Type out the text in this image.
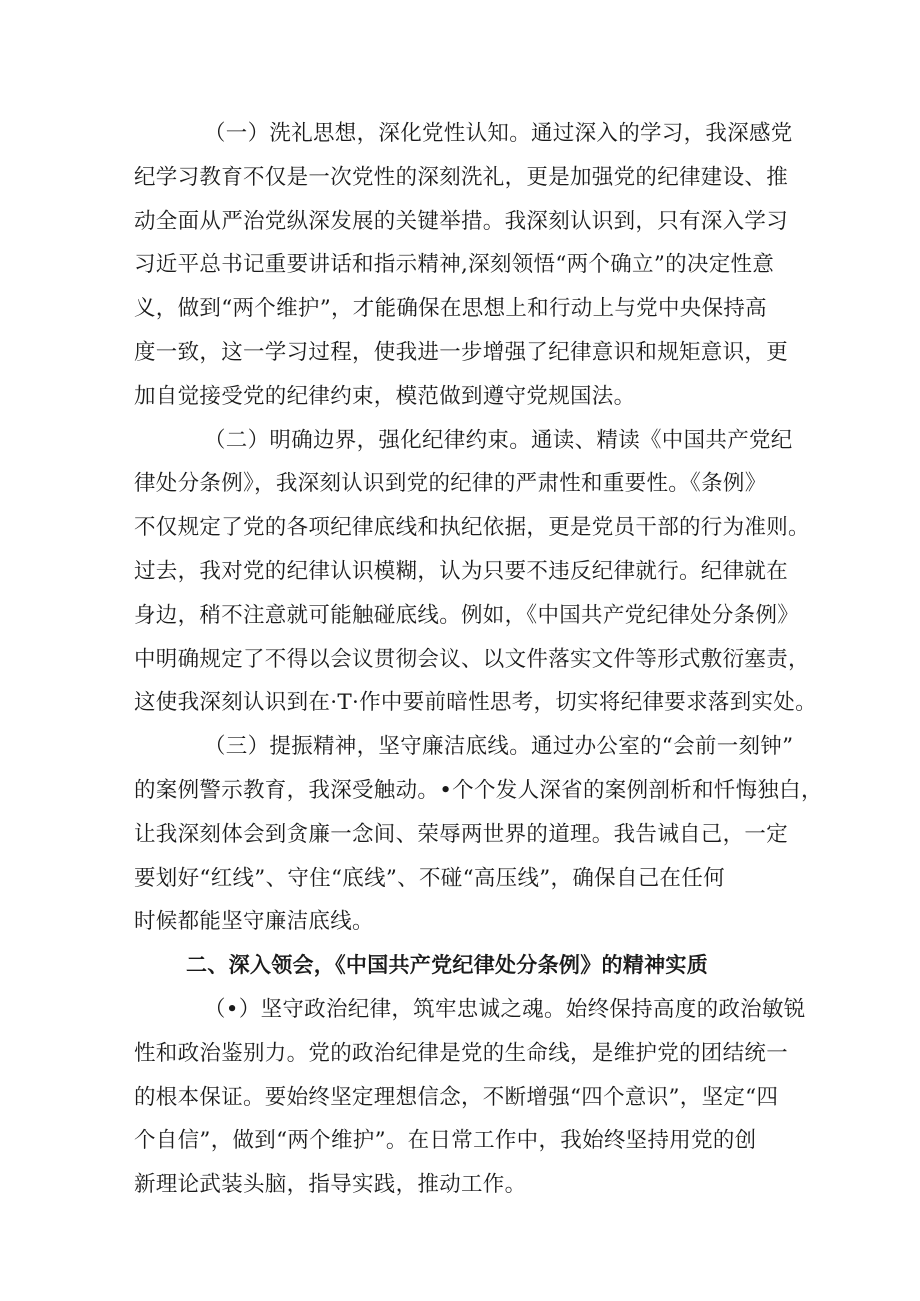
（一）洗礼思想，深化党性认知。通过深入的学习，我深感党
纪学习教育不仅是一次党性的深刻洗礼，更是加强党的纪律建设、推
动全面从严治党纵深发展的关键举措。我深刻认识到，只有深入学习
习近平总书记重要讲话和指示精神,深刻领悟“两个确立”的决定性意
义，做到“两个维护”，才能确保在思想上和行动上与党中央保持高
度一致，这一学习过程，使我进一步增强了纪律意识和规矩意识，更
加自觉接受党的纪律约束，模范做到遵守党规国法。
（二）明确边界，强化纪律约束。通读、精读《中国共产党纪
律处分条例》，我深刻认识到党的纪律的严肃性和重要性。《条例》
不仅规定了党的各项纪律底线和执纪依据，更是党员干部的行为准则。
过去，我对党的纪律认识模糊，认为只要不违反纪律就行。纪律就在
身边，稍不注意就可能触碰底线。例如，《中国共产党纪律处分条例》
中明确规定了不得以会议贯彻会议、以文件落实文件等形式敷衍塞责，
这使我深刻认识到在·T·作中要前暗性思考，切实将纪律要求落到实处。
（三）提振精神，坚守廉洁底线。通过办公室的“会前一刻钟”
的案例警示教育，我深受触动。•个个发人深省的案例剖析和忏悔独白，
让我深刻体会到贪廉一念间、荣辱两世界的道理。我告诫自己，一定
要划好“红线”、守住“底线”、不碰“高压线”，确保自己在任何
时候都能坚守廉洁底线。
二、深入领会，《中国共产党纪律处分条例》的精神实质
（•）坚守政治纪律，筑牢忠诚之魂。始终保持高度的政治敏锐
性和政治鉴别力。党的政治纪律是党的生命线，是维护党的团结统一
的根本保证。要始终坚定理想信念，不断增强“四个意识”，坚定“四
个自信”，做到“两个维护”。在日常工作中，我始终坚持用党的创
新理论武装头脑，指导实践，推动工作。
